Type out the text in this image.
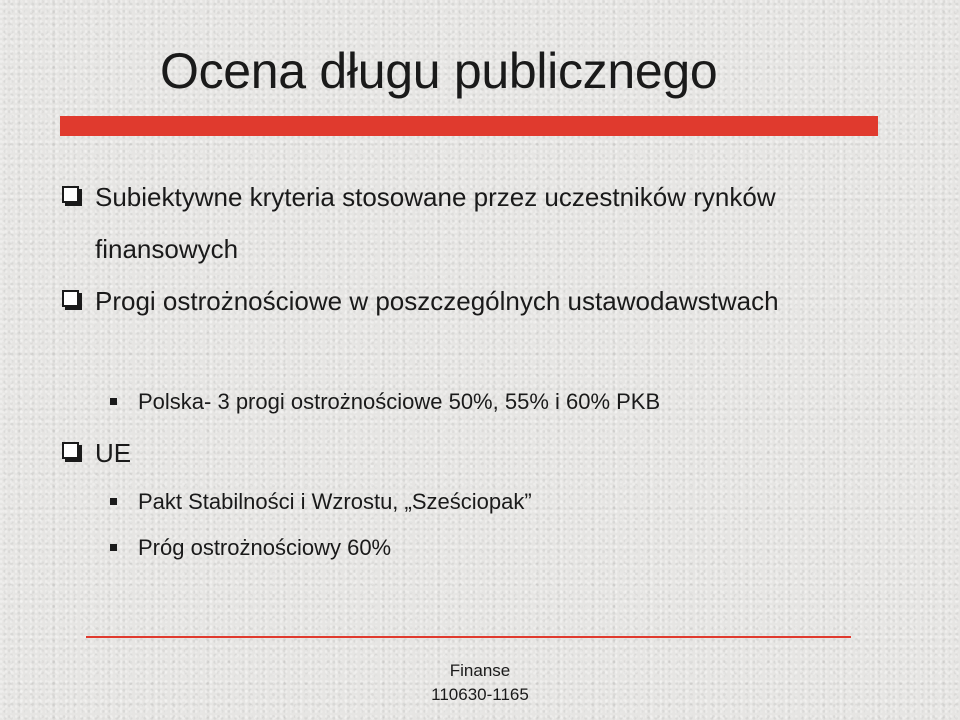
Ocena długu publicznego
Subiektywne kryteria stosowane przez uczestników rynków finansowych
Progi ostrożnościowe w poszczególnych ustawodawstwach
Polska- 3 progi ostrożnościowe 50%, 55% i 60% PKB
UE
Pakt Stabilności i Wzrostu, „Sześciopak”
Próg ostrożnościowy 60%
Finanse
110630-1165
